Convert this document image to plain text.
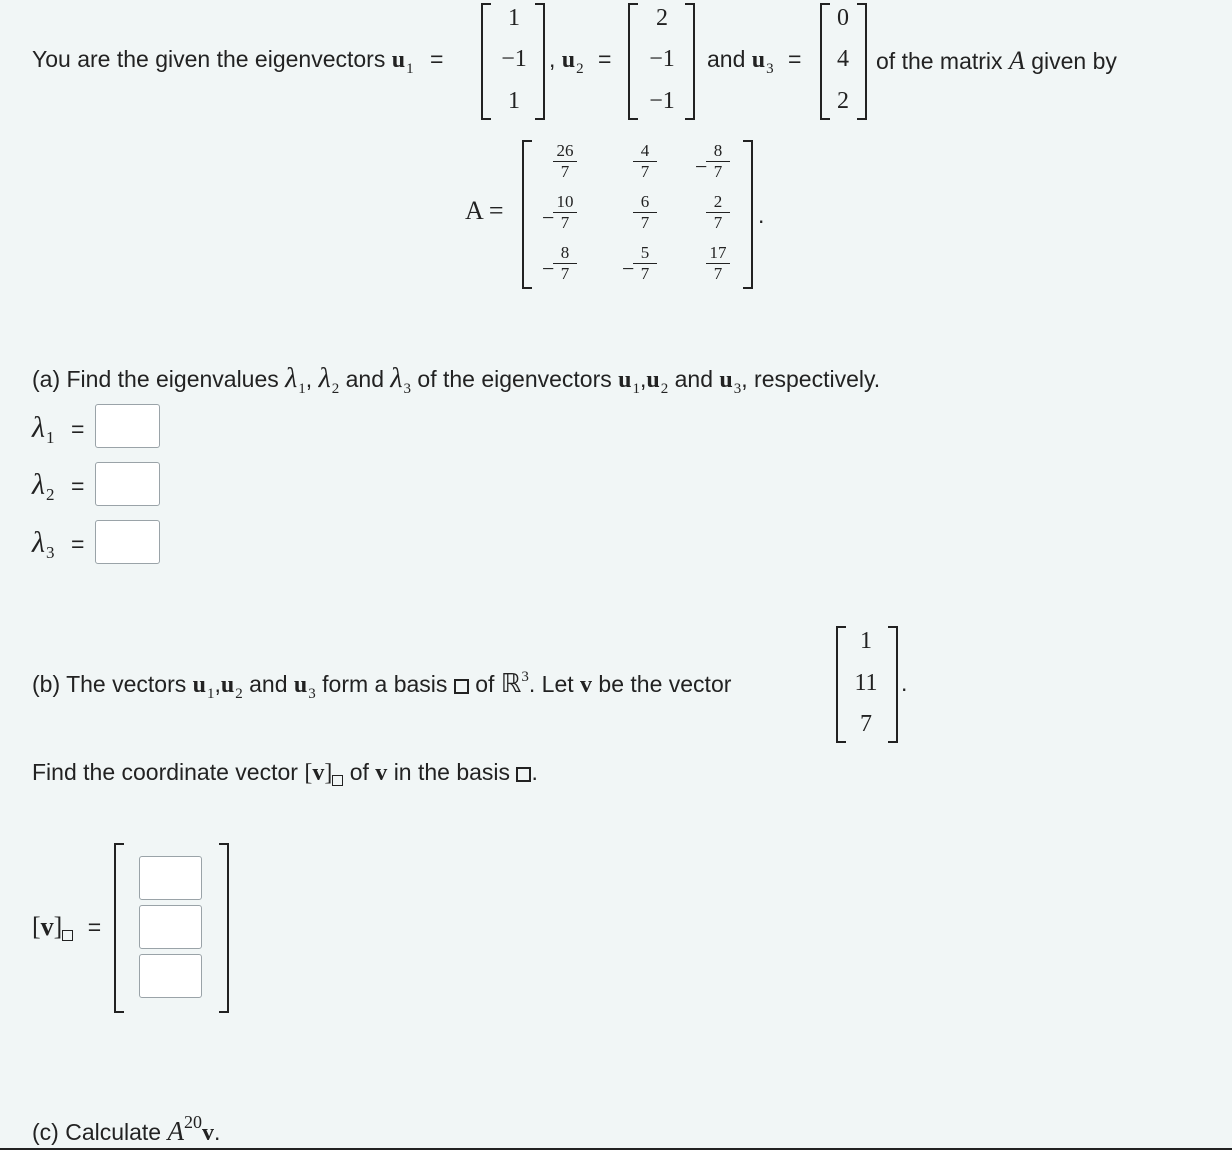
You are the given the eigenvectors $u_1$ =
1
−1
1
, $u_2$ =
2
−1
−1
and $u_3$ =
0
4
2
of the matrix A given by
A =	.
26
7
4
7
8
7
−
10
7
−
6
7
2
7
8
7
−
5
7
−
17
7
(a) Find the eigenvalues $\lambda_1$, $\lambda_2$ and $\lambda_3$ of the eigenvectors $u_1,u_2$ and $u_3$, respectively.
λ1 =
λ2 =
λ3 =
(b) The vectors $u_1,u_2$ and $u_3$ form a basis of ℝ$^3$. Let v be the vector
1
11
7
.
Find the coordinate vector [v] of v in the basis .
[v] =
(c) Calculate $A^{20}v$.
